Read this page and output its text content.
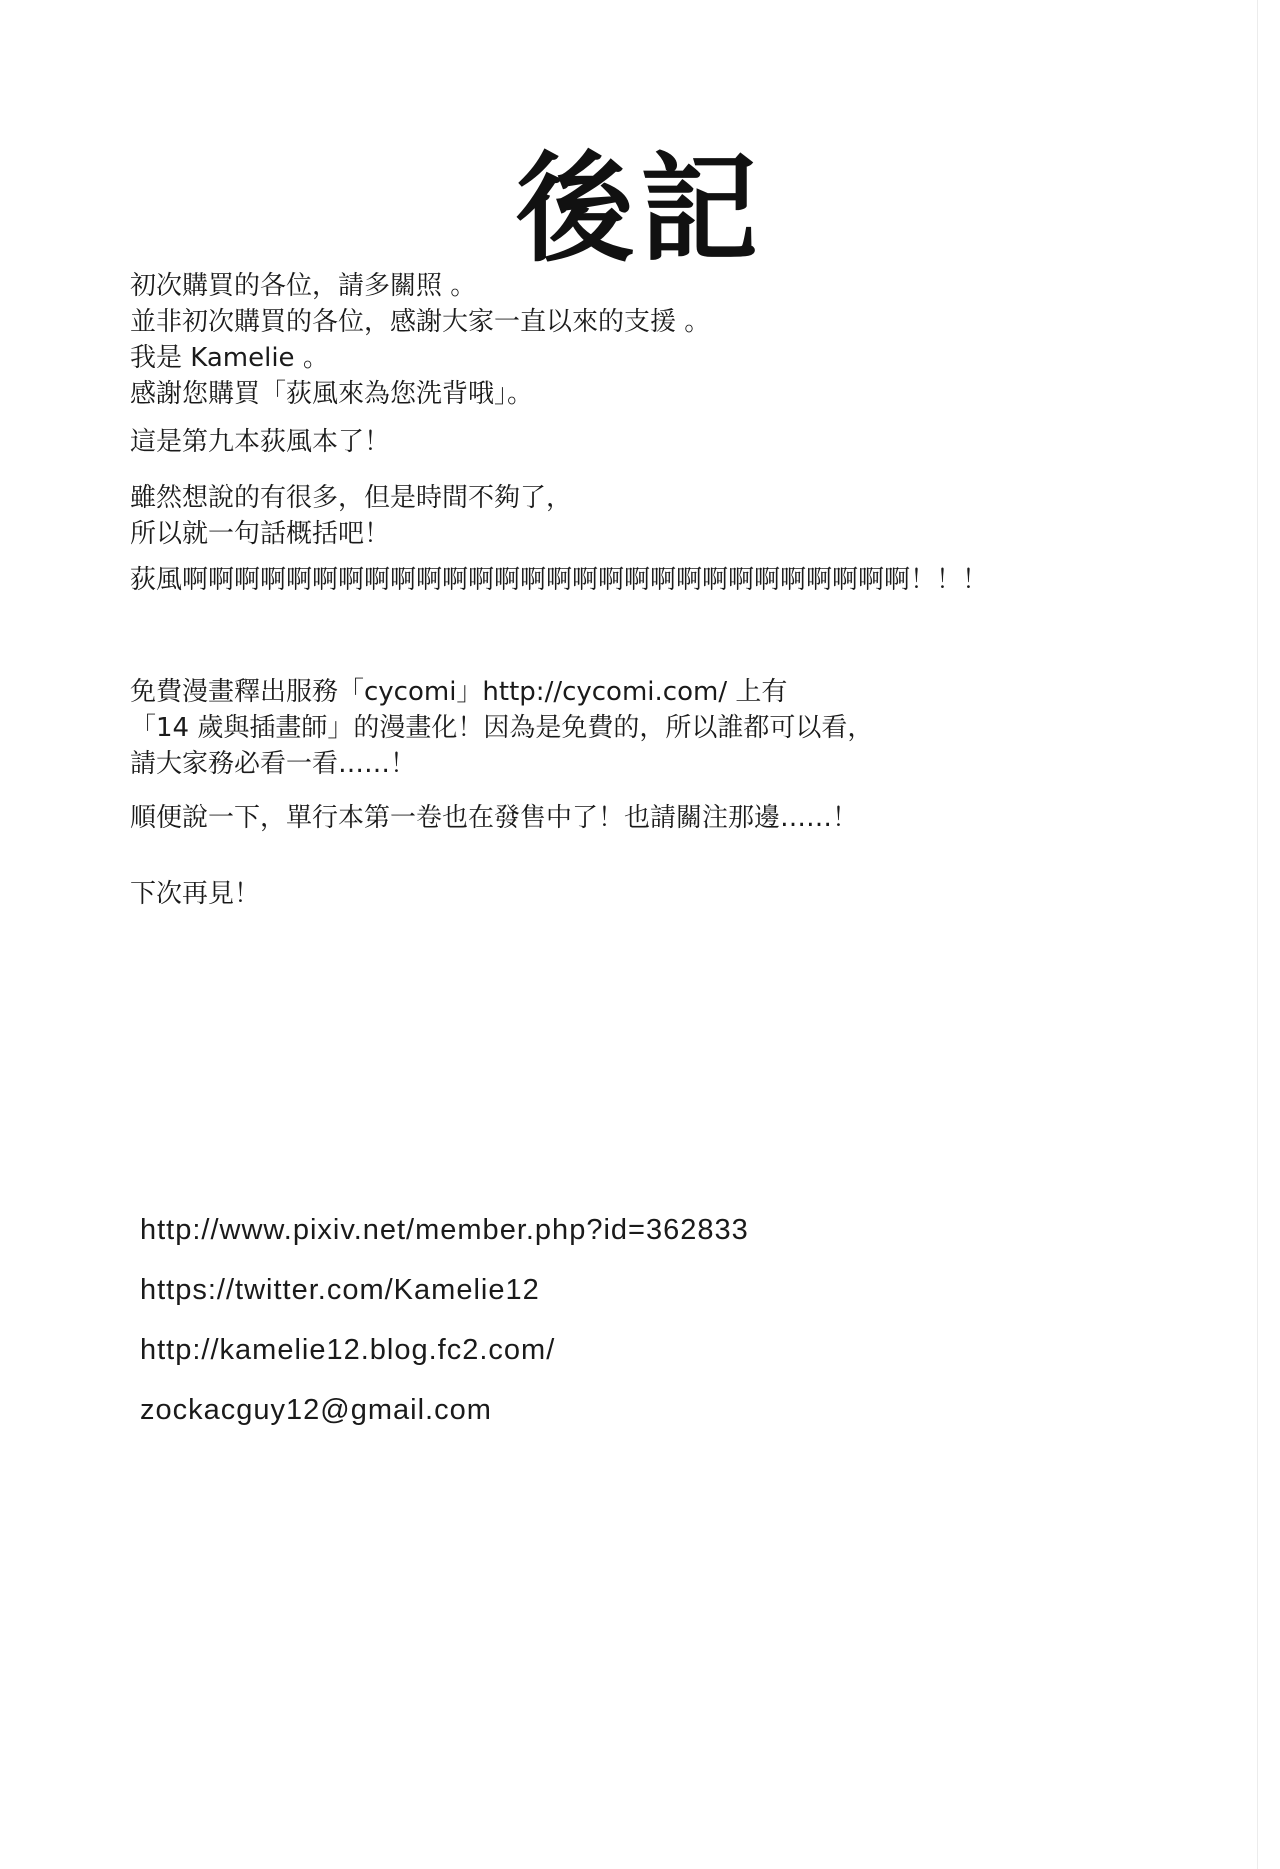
後記
初次購買的各位，請多關照 。
並非初次購買的各位，感謝大家一直以來的支援 。
我是 Kamelie 。
感謝您購買「荻風來為您洗背哦」。
這是第九本荻風本了！
雖然想說的有很多，但是時間不夠了，
所以就一句話概括吧！
荻風啊啊啊啊啊啊啊啊啊啊啊啊啊啊啊啊啊啊啊啊啊啊啊啊啊啊啊啊！！！
免費漫畫釋出服務「cycomi」http://cycomi.com/ 上有
「14 歲與插畫師」的漫畫化！因為是免費的，所以誰都可以看，
請大家務必看一看……！
順便說一下，單行本第一卷也在發售中了！也請關注那邊……！
下次再見！
http://www.pixiv.net/member.php?id=362833
https://twitter.com/Kamelie12
http://kamelie12.blog.fc2.com/
zockacguy12@gmail.com
